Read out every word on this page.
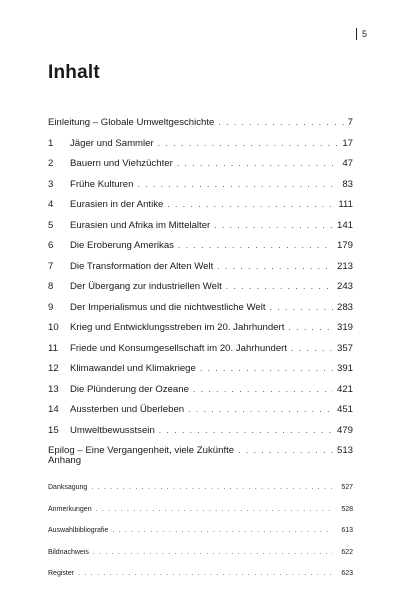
5
Inhalt
Einleitung – Globale Umweltgeschichte . . .	7
1	Jäger und Sammler . . .	17
2	Bauern und Viehzüchter . . .	47
3	Frühe Kulturen . . .	83
4	Eurasien in der Antike . . .	111
5	Eurasien und Afrika im Mittelalter . . .	141
6	Die Eroberung Amerikas . . .	179
7	Die Transformation der Alten Welt . . .	213
8	Der Übergang zur industriellen Welt . . .	243
9	Der Imperialismus und die nichtwestliche Welt . . .	283
10	Krieg und Entwicklungsstreben im 20. Jahrhundert . . .	319
11	Friede und Konsumgesellschaft im 20. Jahrhundert . . .	357
12	Klimawandel und Klimakriege . . .	391
13	Die Plünderung der Ozeane . . .	421
14	Aussterben und Überleben . . .	451
15	Umweltbewusstsein . . .	479
Epilog – Eine Vergangenheit, viele Zukünfte . . .	513
Anhang
Danksagung . . .	527
Anmerkungen . . .	528
Auswahlbibliografie . . .	613
Bildnachweis . . .	622
Register . . .	623
